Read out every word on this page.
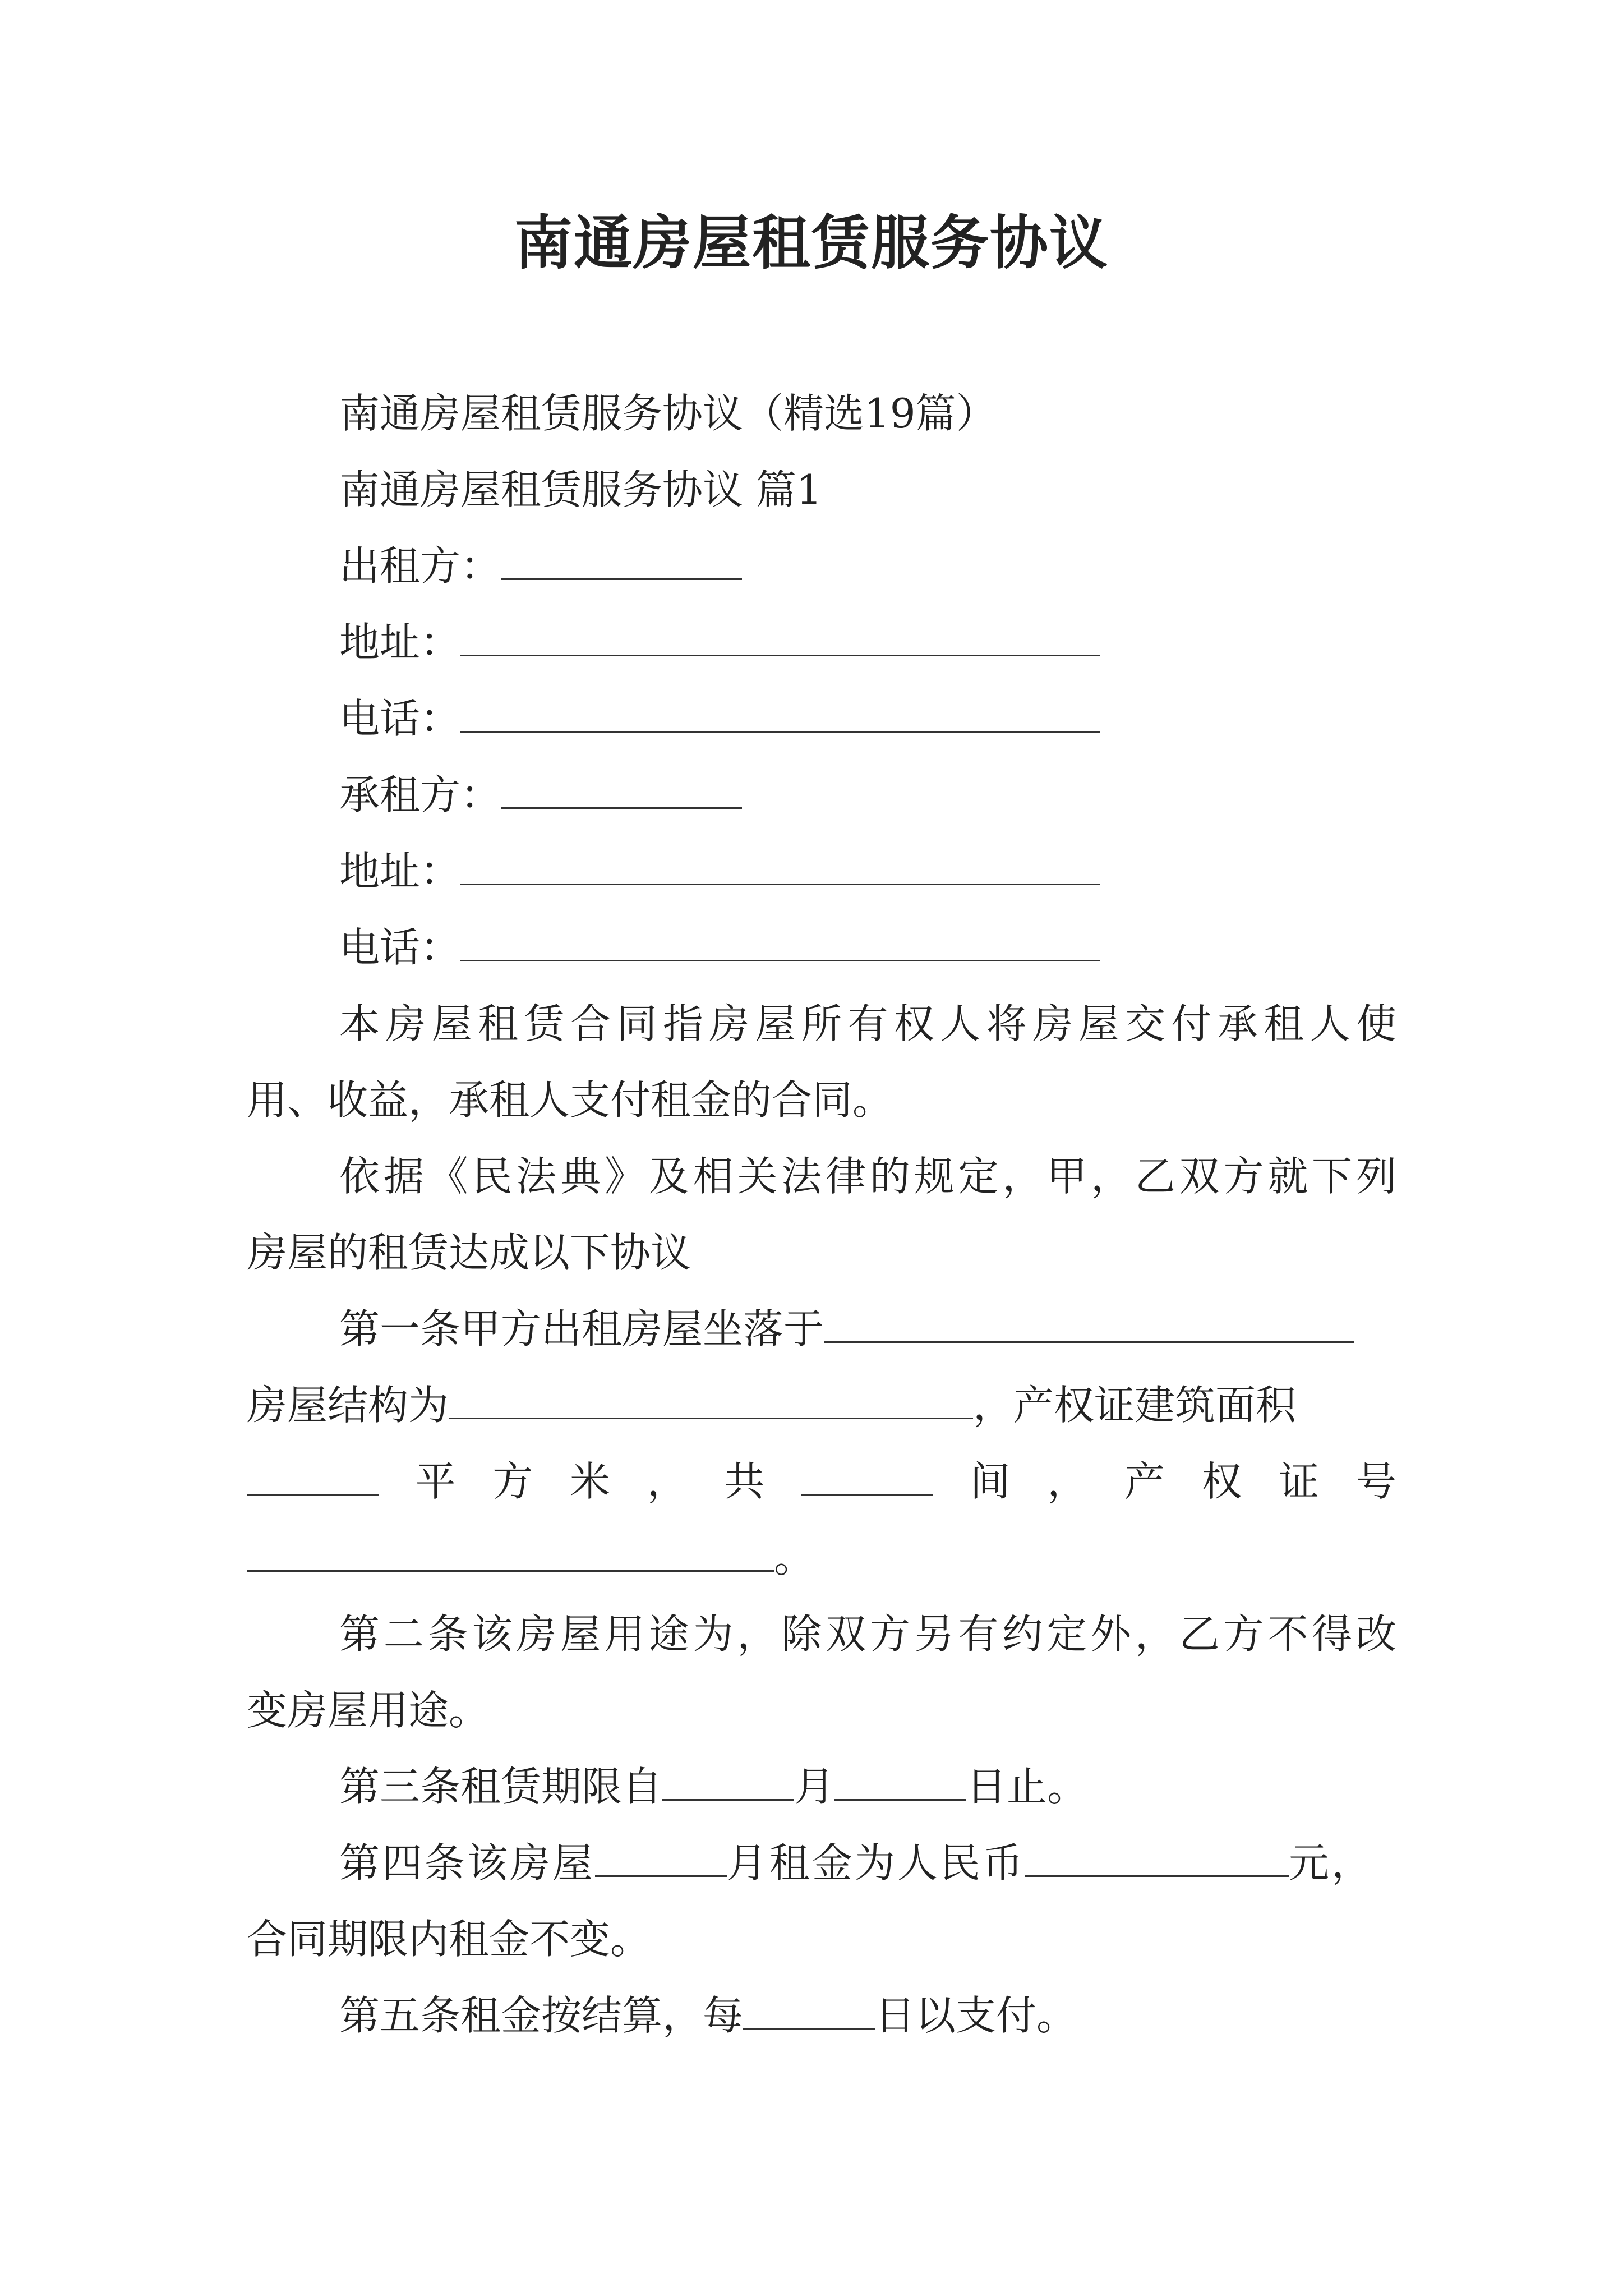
南通房屋租赁服务协议
南通房屋租赁服务协议（精选19篇）
南通房屋租赁服务协议 篇1
出租方：
地址：
电话：
承租方：
地址：
电话：
本房屋租赁合同指房屋所有权人将房屋交付承租人使
用、收益，承租人支付租金的合同。
依据《民法典》及相关法律的规定，甲，乙双方就下列
房屋的租赁达成以下协议
第一条甲方出租房屋坐落于
房屋结构为	，产权证建筑面积
平 方 米 ， 共	间 ， 产 权 证 号
。
第二条该房屋用途为，除双方另有约定外，乙方不得改
变房屋用途。
第三条租赁期限自	月	日止。
第四条该房屋	月租金为人民币	元，
合同期限内租金不变。
第五条租金按结算，每	日以支付。
